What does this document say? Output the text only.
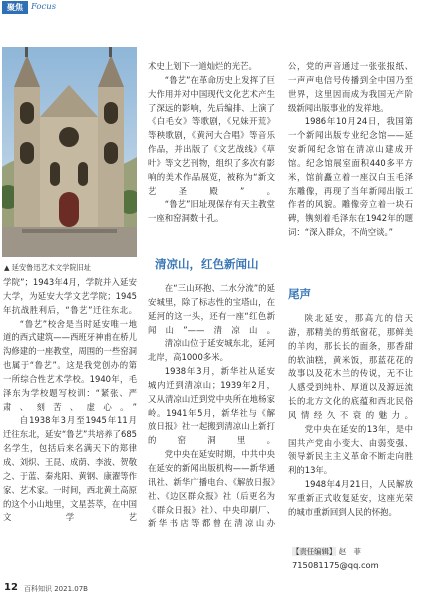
聚焦 Focus
▲ 延安鲁迅艺术文学院旧址

学院”；1943年4月，学院并入延安大学，为延安大学文艺学院；1945年抗战胜利后，“鲁艺”迁往东北。

“鲁艺”校舍是当时延安唯一地道的西式建筑——西班牙神甫在桥儿沟修建的一座教堂，周围的一些窑洞也属于“鲁艺”。这是我党创办的第一所综合性艺术学校。1940年，毛泽东为学校题写校训：“紧张、严肃、刻苦、虚心。”

自1938年3月至1945年11月迁往东北，延安“鲁艺”共培养了685名学生，包括后来名满天下的郑律成、刘炽、王昆、成荫、李波、贺敬之、于蓝、秦兆阳、黄钢、康濯等作家、艺术家。一时间，西北黄土高原的这个小山地里，文星荟萃，在中国文学艺

术史上划下一道灿烂的光芒。

“鲁艺”在革命历史上发挥了巨大作用并对中国现代文化艺术产生了深远的影响，先后编排、上演了《白毛女》等歌剧，《兄妹开荒》等秧歌剧，《黄河大合唱》等音乐作品，并出版了《文艺战线》《草叶》等文艺刊物，组织了多次有影响的美术作品展览，被称为“新文艺圣殿”。

“鲁艺”旧址现保存有天主教堂一座和窑洞数十孔。

清凉山，红色新闻山

在“三山环抱、二水分流”的延安城里，除了标志性的宝塔山，在延河的这一头，还有一座“红色新闻山”——清凉山。

清凉山位于延安城东北，延河北岸，高1000多米。

1938年3月，新华社从延安城内迁到清凉山；1939年2月，又从清凉山迁到党中央所在地杨家岭。1941年5月，新华社与《解放日报》社一起搬到清凉山上新打的窑洞里。

党中央在延安时期，中共中央在延安的新闻出版机构——新华通讯社、新华广播电台、《解放日报》社、《边区群众报》社（后更名为《群众日报》社）、中央印刷厂、新华书店等都曾在清凉山办

公，党的声音通过一张张报纸、一声声电信号传播到全中国乃至世界，这里因而成为我国无产阶级新闻出版事业的发祥地。

1986年10月24日，我国第一个新闻出版专业纪念馆——延安新闻纪念馆在清凉山建成开馆。纪念馆展室面积440多平方米，馆前矗立着一座汉白玉毛泽东雕像，再现了当年新闻出版工作者的风貌。雕像旁立着一块石碑，镌刻着毛泽东在1942年的题词：“深入群众，不尚空谈。”

尾声

陕北延安，那高亢的信天游，那精美的剪纸窗花，那鲜美的羊肉，那长长的面条，那香甜的软油糕，黄米饭，那蓝花花的故事以及花木兰的传说，无不让人感受到纯朴、厚道以及源远流长的北方文化的底蕴和西北民俗风情经久不衰的魅力。

党中央在延安的13年，是中国共产党由小变大、由弱变强、领导新民主主义革命不断走向胜利的13年。

1948年4月21日，人民解放军重新正式收复延安，这座光荣的城市重新回到人民的怀抱。

【责任编辑】 赵　菲
715081175@qq.com
12 百科知识 2021.07B
